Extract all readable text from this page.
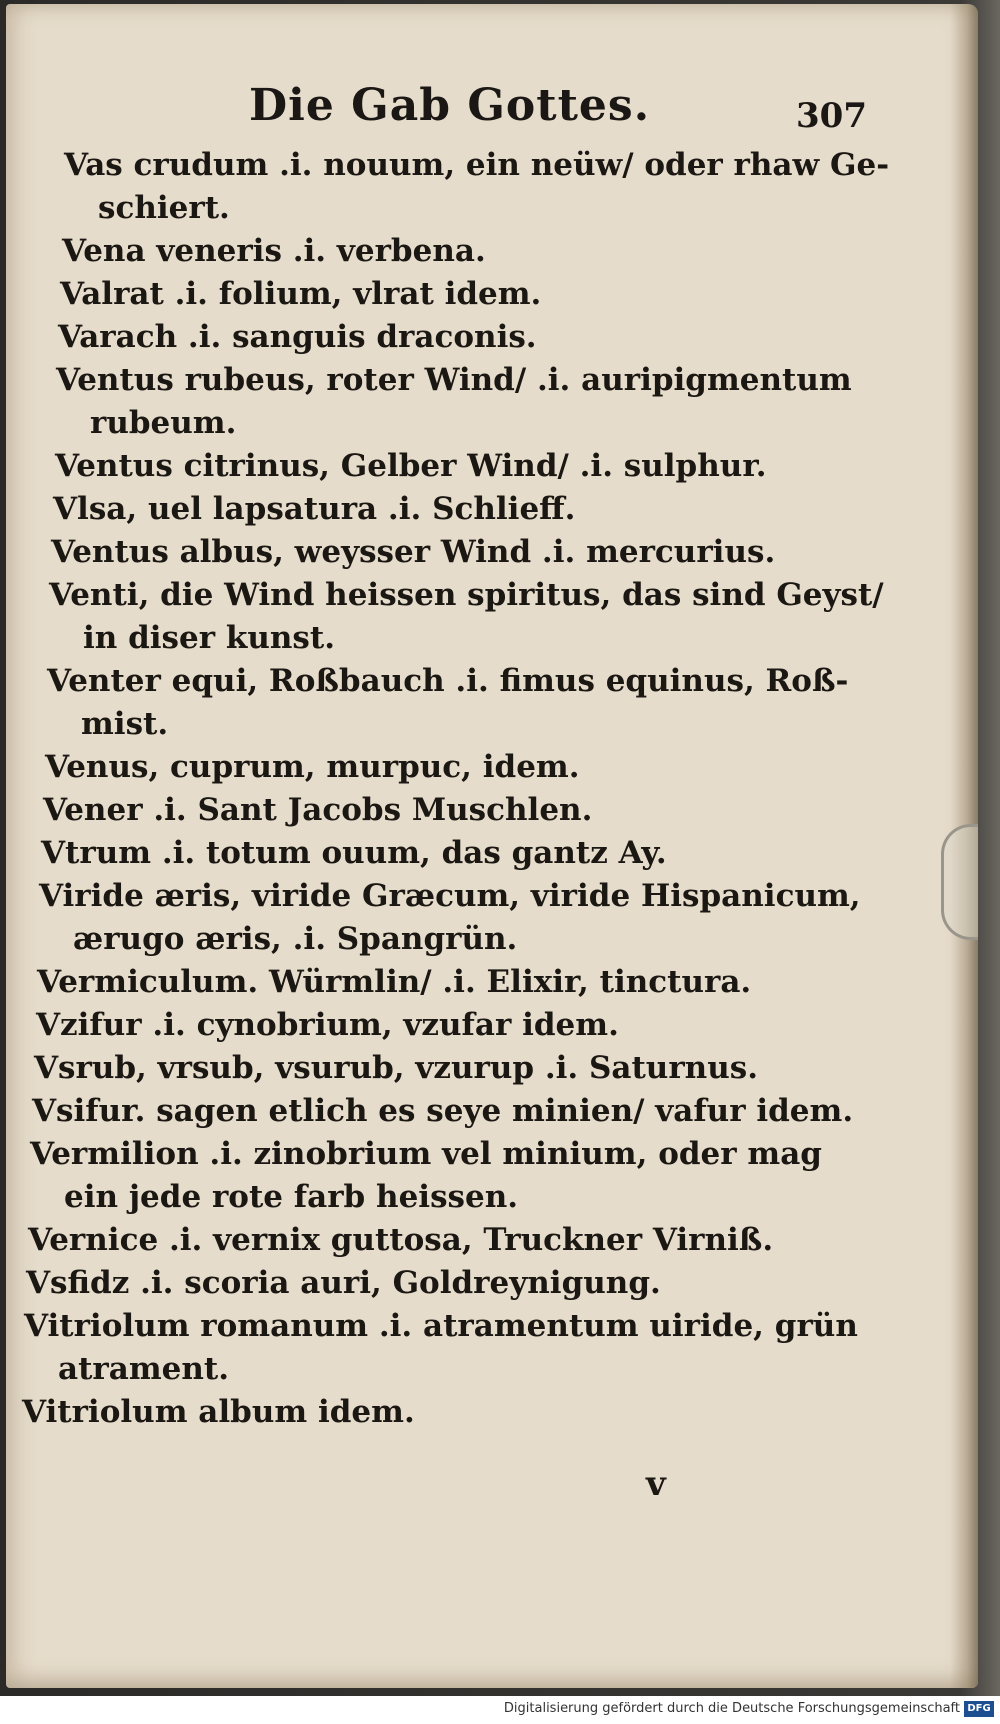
Die Gab Gottes.	307
Vas crudum .i. nouum, ein neüw/ oder rhaw Ge-
schiert.
Vena veneris .i. verbena.
Valrat .i. folium, vlrat idem.
Varach .i. sanguis draconis.
Ventus rubeus, roter Wind/ .i. auripigmentum
rubeum.
Ventus citrinus, Gelber Wind/ .i. sulphur.
Vlsa, uel lapsatura .i. Schlieff.
Ventus albus, weysser Wind .i. mercurius.
Venti, die Wind heissen spiritus, das sind Geyst/
in diser kunst.
Venter equi, Roßbauch .i. fimus equinus, Roß-
mist.
Venus, cuprum, murpuc, idem.
Vener .i. Sant Jacobs Muschlen.
Vtrum .i. totum ouum, das gantz Ay.
Viride æris, viride Græcum, viride Hispanicum,
ærugo æris, .i. Spangrün.
Vermiculum. Würmlin/ .i. Elixir, tinctura.
Vzifur .i. cynobrium, vzufar idem.
Vsrub, vrsub, vsurub, vzurup .i. Saturnus.
Vsifur. sagen etlich es seye minien/ vafur idem.
Vermilion .i. zinobrium vel minium, oder mag
ein jede rote farb heissen.
Vernice .i. vernix guttosa, Truckner Virniß.
Vsfidz .i. scoria auri, Goldreynigung.
Vitriolum romanum .i. atramentum uiride, grün
atrament.
Vitriolum album idem.
v
Digitalisierung gefördert durch die Deutsche Forschungsgemeinschaft DFG
